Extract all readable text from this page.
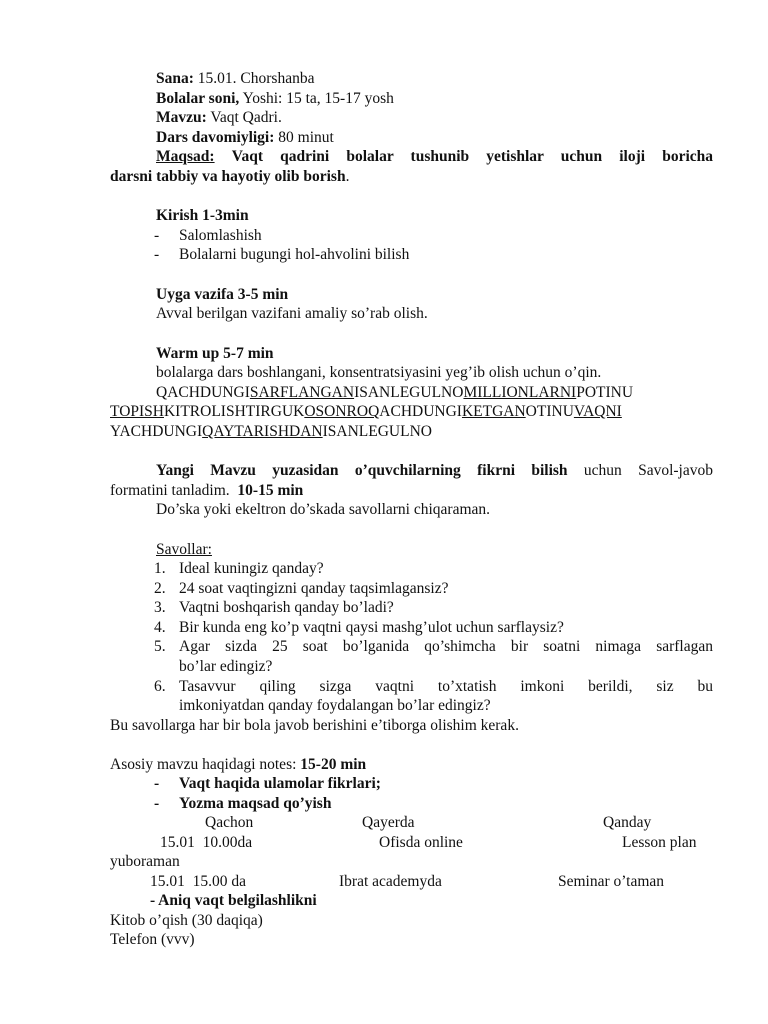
Sana: 15.01. Chorshanba
Bolalar soni, Yoshi: 15 ta, 15-17 yosh
Mavzu: Vaqt Qadri.
Dars davomiyligi: 80 minut
Maqsad: Vaqt qadrini bolalar tushunib yetishlar uchun iloji boricha
darsni tabbiy va hayotiy olib borish.
Kirish 1-3min
- Salomlashish
- Bolalarni bugungi hol-ahvolini bilish
Uyga vazifa 3-5 min
Avval berilgan vazifani amaliy so’rab olish.
Warm up 5-7 min
bolalarga dars boshlangani, konsentratsiyasini yeg’ib olish uchun o’qin.
QACHDUNGISARFLANGANISANLEGULNOMILLIONLARNIPOTINU
TOPISHKITROLISHTIRGUKOSONROQACHDUNGIKETGANOTINUVAQNI
YACHDUNGIQAYTARISHDANISANLEGULNO
Yangi Mavzu yuzasidan o’quvchilarning fikrni bilish uchun Savol-javob
formatini tanladim.  10-15 min
Do’ska yoki ekeltron do’skada savollarni chiqaraman.
Savollar:
1. Ideal kuningiz qanday?
2. 24 soat vaqtingizni qanday taqsimlagansiz?
3. Vaqtni boshqarish qanday bo’ladi?
4. Bir kunda eng ko’p vaqtni qaysi mashg’ulot uchun sarflaysiz?
5. Agar sizda 25 soat bo’lganida qo’shimcha bir soatni nimaga sarflagan
bo’lar edingiz?
6. Tasavvur qiling sizga vaqtni to’xtatish imkoni berildi, siz bu
imkoniyatdan qanday foydalangan bo’lar edingiz?
Bu savollarga har bir bola javob berishini e’tiborga olishim kerak.
Asosiy mavzu haqidagi notes: 15-20 min
- Vaqt haqida ulamolar fikrlari;
- Yozma maqsad qo’yish
Qachon	Qayerda	Qanday
15.01  10.00da	Ofisda online	Lesson plan
yuboraman
15.01  15.00 da	Ibrat academyda	Seminar o’taman
- Aniq vaqt belgilashlikni
Kitob o’qish (30 daqiqa)
Telefon (vvv)
